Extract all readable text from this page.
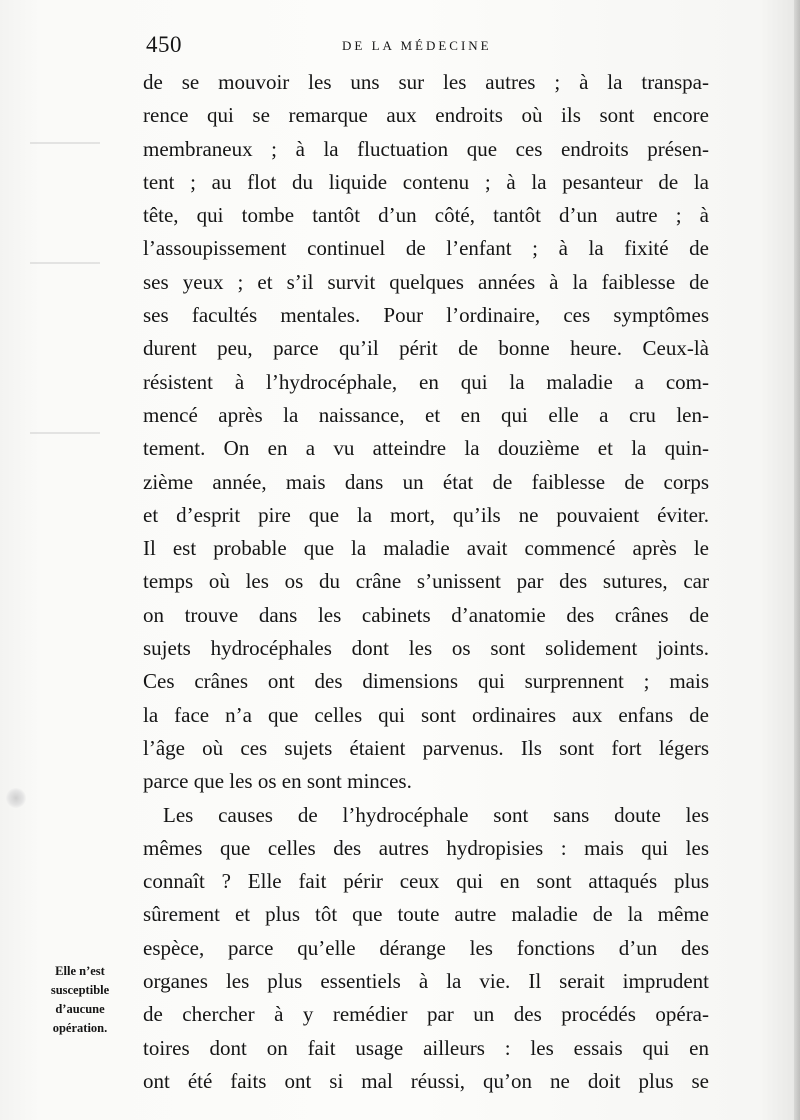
450	DE LA MÉDECINE
de se mouvoir les uns sur les autres ; à la transpa-
rence qui se remarque aux endroits où ils sont encore
membraneux ; à la fluctuation que ces endroits présen-
tent ; au flot du liquide contenu ; à la pesanteur de la
tête, qui tombe tantôt d’un côté, tantôt d’un autre ; à
l’assoupissement continuel de l’enfant ; à la fixité de
ses yeux ; et s’il survit quelques années à la faiblesse de
ses facultés mentales. Pour l’ordinaire, ces symptômes
durent peu, parce qu’il périt de bonne heure. Ceux-là
résistent à l’hydrocéphale, en qui la maladie a com-
mencé après la naissance, et en qui elle a cru len-
tement. On en a vu atteindre la douzième et la quin-
zième année, mais dans un état de faiblesse de corps
et d’esprit pire que la mort, qu’ils ne pouvaient éviter.
Il est probable que la maladie avait commencé après le
temps où les os du crâne s’unissent par des sutures, car
on trouve dans les cabinets d’anatomie des crânes de
sujets hydrocéphales dont les os sont solidement joints.
Ces crânes ont des dimensions qui surprennent ; mais
la face n’a que celles qui sont ordinaires aux enfans de
l’âge où ces sujets étaient parvenus. Ils sont fort légers
parce que les os en sont minces.
Les causes de l’hydrocéphale sont sans doute les
mêmes que celles des autres hydropisies : mais qui les
connaît ? Elle fait périr ceux qui en sont attaqués plus
sûrement et plus tôt que toute autre maladie de la même
espèce, parce qu’elle dérange les fonctions d’un des
organes les plus essentiels à la vie. Il serait imprudent
de chercher à y remédier par un des procédés opéra-
toires dont on fait usage ailleurs : les essais qui en
ont été faits ont si mal réussi, qu’on ne doit plus se
Elle n’est
susceptible
d’aucune
opération.
